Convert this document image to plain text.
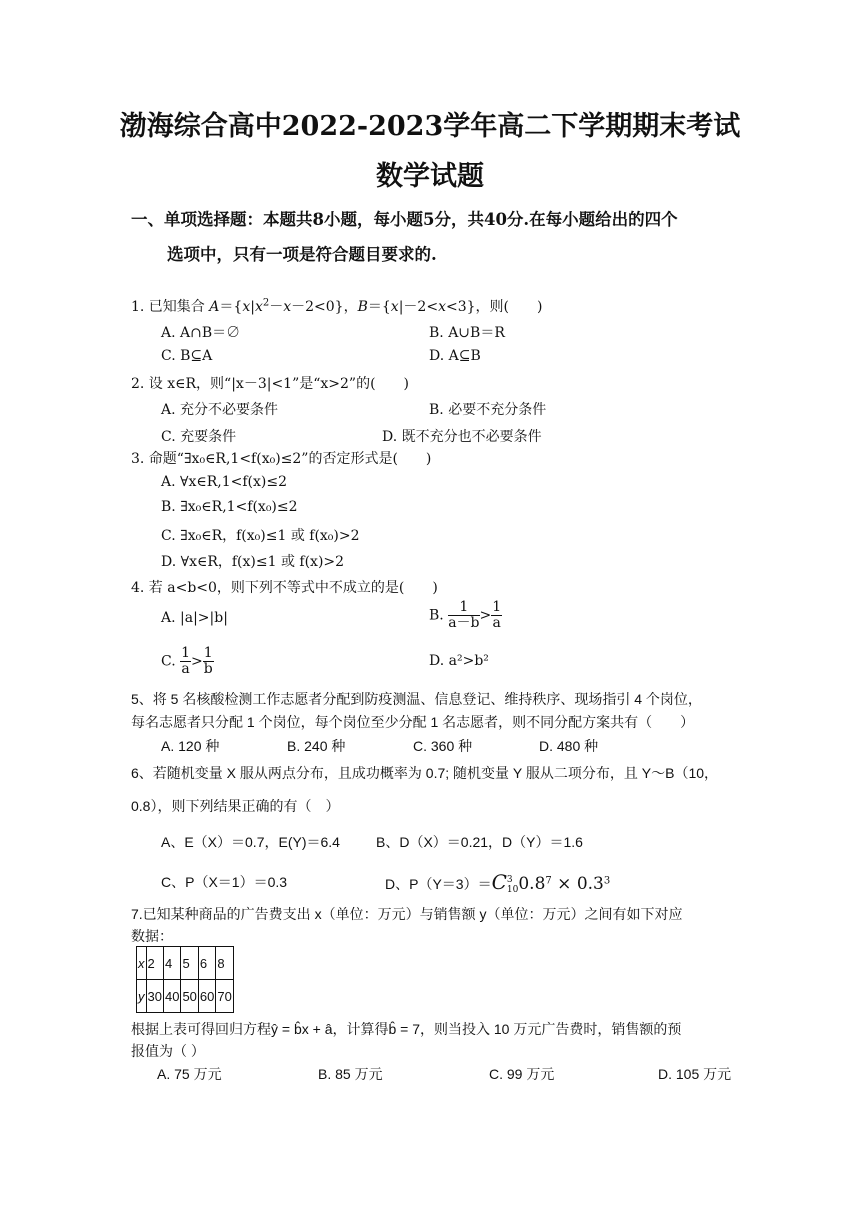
渤海综合高中2022-2023学年高二下学期期末考试
数学试题
一、单项选择题：本题共8小题，每小题5分，共40分.在每小题给出的四个
选项中，只有一项是符合题目要求的.
1. 已知集合 $A=\{x|x^2-x-2<0\}$，B＝{x|－2<x<3}，则(　　)
A. A∩B＝∅	B. A∪B＝R
C. B⊆A	D. A⊆B
2. 设 x∈R，则“|x－3|<1”是“x>2”的(　　)
A. 充分不必要条件	B. 必要不充分条件
C. 充要条件	D. 既不充分也不必要条件
3. 命题“∃x₀∈R,1<f(x₀)≤2”的否定形式是(　　)
A. ∀x∈R,1<f(x)≤2
B. ∃x₀∈R,1<f(x₀)≤2
C. ∃x₀∈R，f(x₀)≤1 或 f(x₀)>2
D. ∀x∈R，f(x)≤1 或 f(x)>2
4. 若 a<b<0，则下列不等式中不成立的是(　　)
A. |a|>|b|	B. $\frac{1}{a-b} > \frac{1}{a}$
C. $\frac{1}{a} > \frac{1}{b}$	D. a²>b²
5、将 5 名核酸检测工作志愿者分配到防疫测温、信息登记、维持秩序、现场指引 4 个岗位，
每名志愿者只分配 1 个岗位，每个岗位至少分配 1 名志愿者，则不同分配方案共有（　　）
A. 120 种	B. 240 种	C. 360 种	D. 480 种
6、若随机变量 X 服从两点分布，且成功概率为 0.7; 随机变量 Y 服从二项分布，且 Y～B（10，
0.8），则下列结果正确的有（　）
A、E（X）＝0.7，E(Y)＝6.4	B、D（X）＝0.21，D（Y）＝1.6
C、P（X＝1）＝0.3	D、P（Y＝3）＝C 3
10 $0.8^7 \times 0.3^3$
7.已知某种商品的广告费支出 x（单位：万元）与销售额 y（单位：万元）之间有如下对应
数据：
x	2	4	5	6	8
y	30	40	50	60	70
根据上表可得回归方程ŷ = b̂x + â，计算得b̂ = 7，则当投入 10 万元广告费时，销售额的预
报值为（ ）
A. 75 万元	B. 85 万元	C. 99 万元	D. 105 万元
